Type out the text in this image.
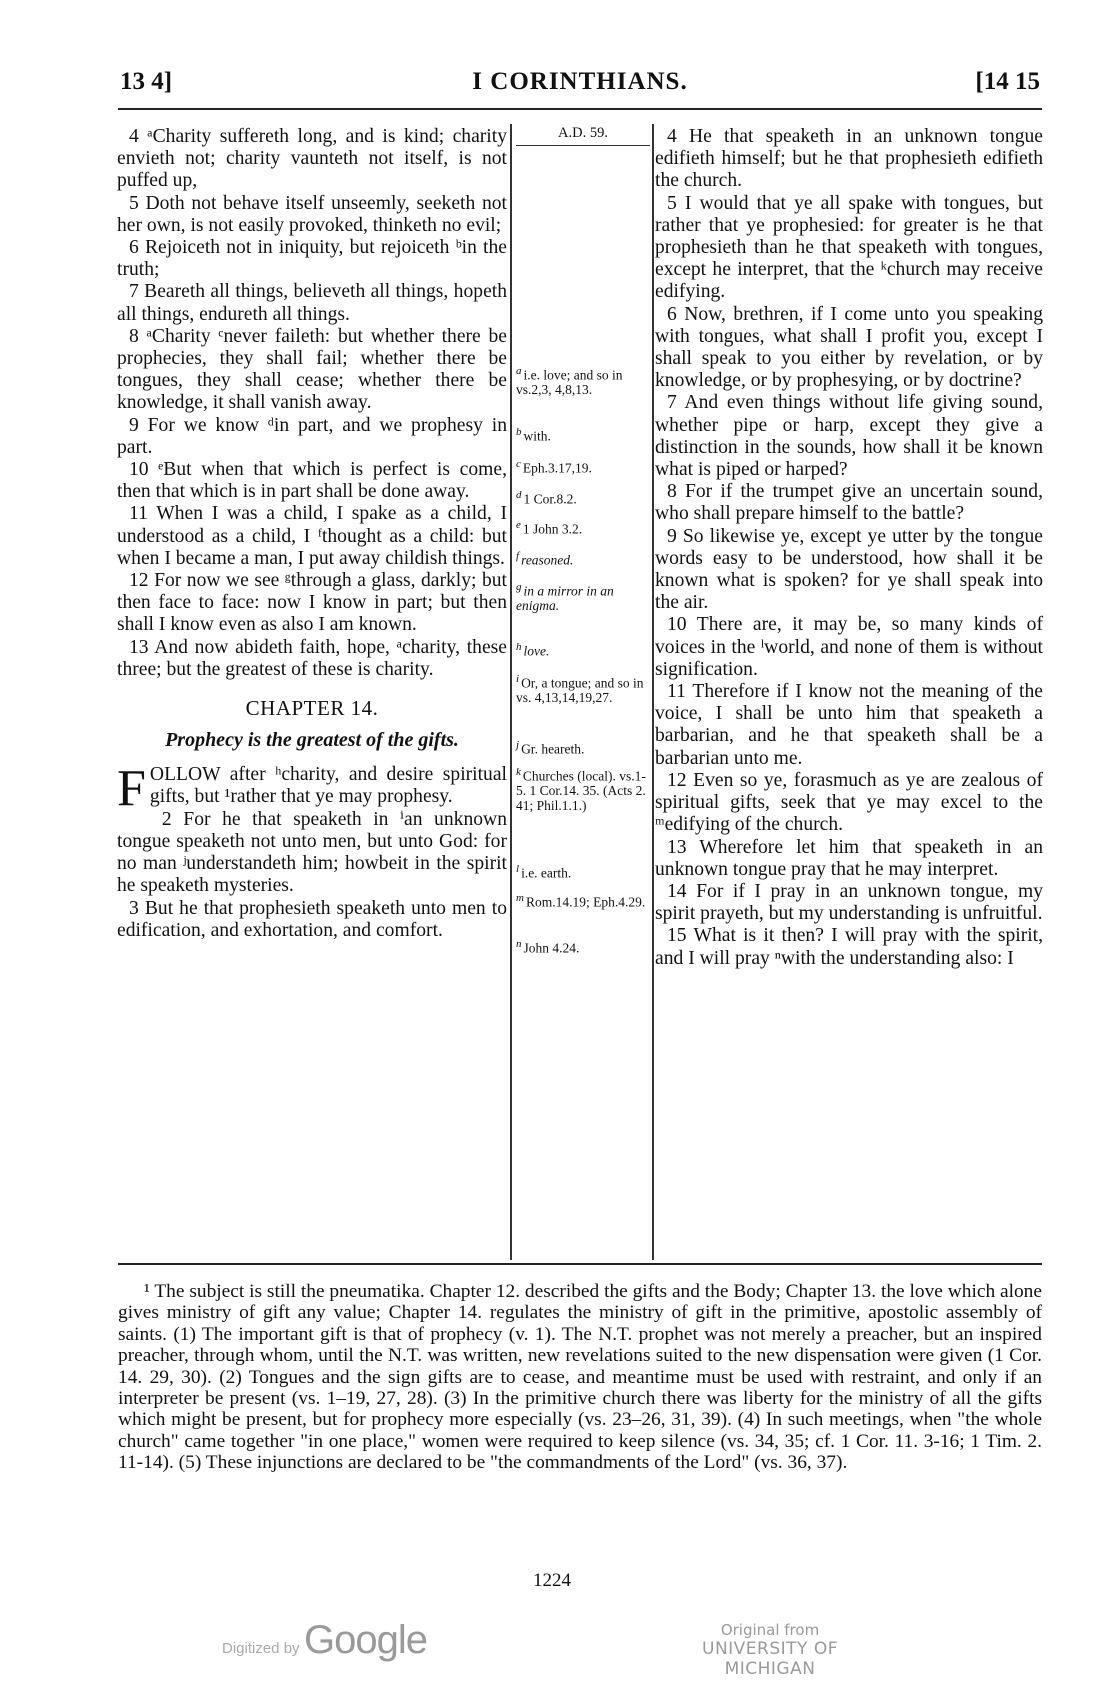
13 4]	I CORINTHIANS.	[14 15

4 ᵃCharity suffereth long, and is kind; charity envieth not; charity vaunteth not itself, is not puffed up,

5 Doth not behave itself unseemly, seeketh not her own, is not easily provoked, thinketh no evil;

6 Rejoiceth not in iniquity, but rejoiceth ᵇin the truth;

7 Beareth all things, believeth all things, hopeth all things, endureth all things.

8 ᵃCharity ᶜnever faileth: but whether there be prophecies, they shall fail; whether there be tongues, they shall cease; whether there be knowledge, it shall vanish away.

9 For we know ᵈin part, and we prophesy in part.

10 ᵉBut when that which is perfect is come, then that which is in part shall be done away.

11 When I was a child, I spake as a child, I understood as a child, I ᶠthought as a child: but when I became a man, I put away childish things.

12 For now we see ᵍthrough a glass, darkly; but then face to face: now I know in part; but then shall I know even as also I am known.

13 And now abideth faith, hope, ᵃcharity, these three; but the greatest of these is charity.

CHAPTER 14.
Prophecy is the greatest of the gifts.

FOLLOW after ʰcharity, and desire spiritual gifts, but ¹rather that ye may prophesy.

2 For he that speaketh in ⁱan unknown tongue speaketh not unto men, but unto God: for no man ʲunderstandeth him; howbeit in the spirit he speaketh mysteries.

3 But he that prophesieth speaketh unto men to edification, and exhortation, and comfort.

A.D. 59.
$^a$ i.e. love; and so in vs.2,3, 4,8,13.
$^b$ with.
$^c$ Eph.3.17,19.
$^d$ 1 Cor.8.2.
$^e$ 1 John 3.2.
$^f$ reasoned.
$^g$ in a mirror in an enigma.
$^h$ love.
$^i$ Or, a tongue; and so in vs. 4,13,14,19,27.
$^j$ Gr. heareth.
$^k$ Churches (local). vs.1-5. 1 Cor.14. 35. (Acts 2. 41; Phil.1.1.)
$^l$ i.e. earth.
$^m$ Rom.14.19; Eph.4.29.
$^n$ John 4.24.

4 He that speaketh in an unknown tongue edifieth himself; but he that prophesieth edifieth the church.

5 I would that ye all spake with tongues, but rather that ye prophesied: for greater is he that prophesieth than he that speaketh with tongues, except he interpret, that the ᵏchurch may receive edifying.

6 Now, brethren, if I come unto you speaking with tongues, what shall I profit you, except I shall speak to you either by revelation, or by knowledge, or by prophesying, or by doctrine?

7 And even things without life giving sound, whether pipe or harp, except they give a distinction in the sounds, how shall it be known what is piped or harped?

8 For if the trumpet give an uncertain sound, who shall prepare himself to the battle?

9 So likewise ye, except ye utter by the tongue words easy to be understood, how shall it be known what is spoken? for ye shall speak into the air.

10 There are, it may be, so many kinds of voices in the ˡworld, and none of them is without signification.

11 Therefore if I know not the meaning of the voice, I shall be unto him that speaketh a barbarian, and he that speaketh shall be a barbarian unto me.

12 Even so ye, forasmuch as ye are zealous of spiritual gifts, seek that ye may excel to the ᵐedifying of the church.

13 Wherefore let him that speaketh in an unknown tongue pray that he may interpret.

14 For if I pray in an unknown tongue, my spirit prayeth, but my understanding is unfruitful.

15 What is it then? I will pray with the spirit, and I will pray ⁿwith the understanding also: I

¹ The subject is still the pneumatika. Chapter 12. described the gifts and the Body; Chapter 13. the love which alone gives ministry of gift any value; Chapter 14. regulates the ministry of gift in the primitive, apostolic assembly of saints. (1) The important gift is that of prophecy (v. 1). The N.T. prophet was not merely a preacher, but an inspired preacher, through whom, until the N.T. was written, new revelations suited to the new dispensation were given (1 Cor. 14. 29, 30). (2) Tongues and the sign gifts are to cease, and meantime must be used with restraint, and only if an interpreter be present (vs. 1–19, 27, 28). (3) In the primitive church there was liberty for the ministry of all the gifts which might be present, but for prophecy more especially (vs. 23–26, 31, 39). (4) In such meetings, when "the whole church" came together "in one place," women were required to keep silence (vs. 34, 35; cf. 1 Cor. 11. 3-16; 1 Tim. 2. 11-14). (5) These injunctions are declared to be "the commandments of the Lord" (vs. 36, 37).

1224
Digitized by Google	Original from
UNIVERSITY OF MICHIGAN
